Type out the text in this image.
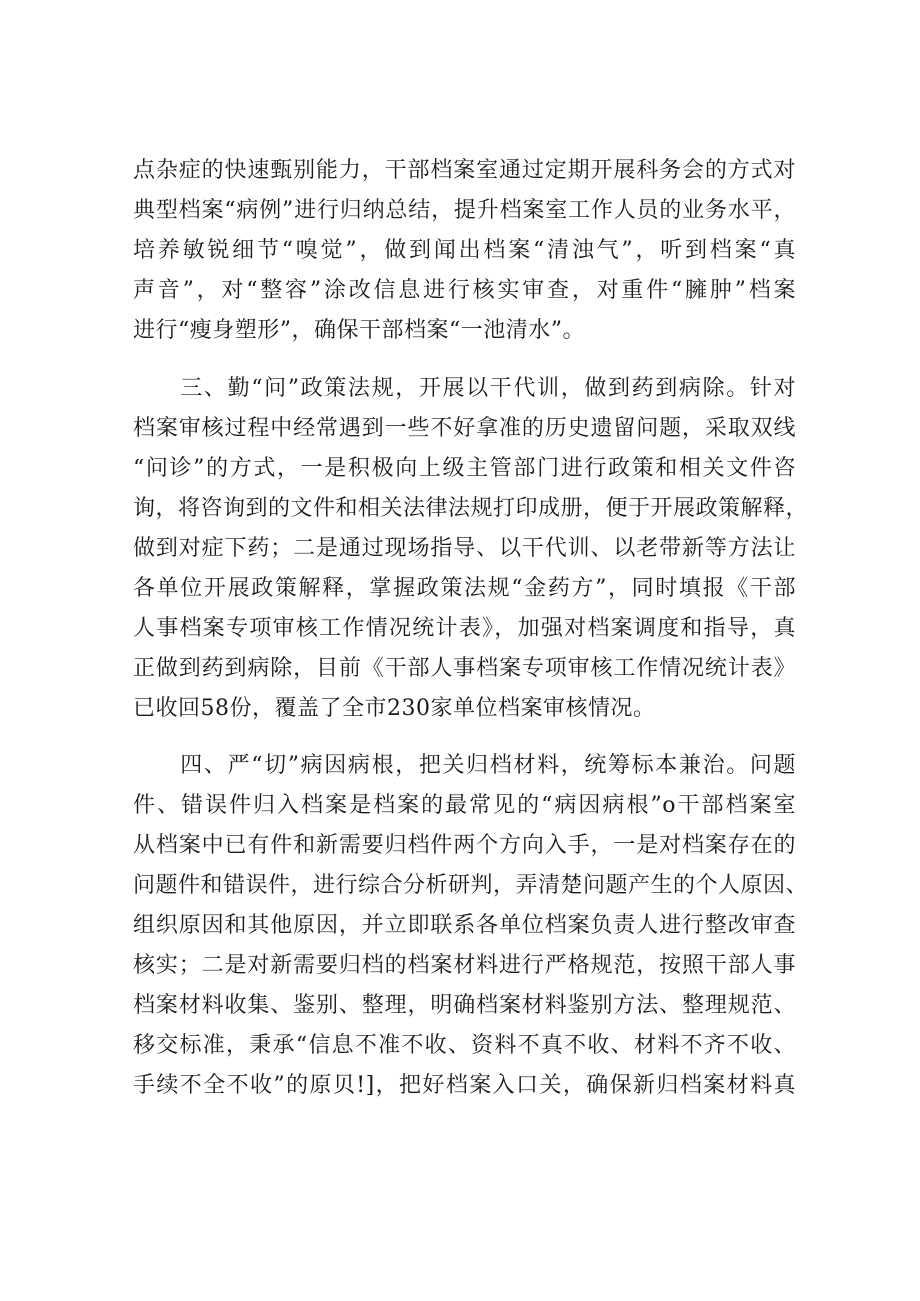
点杂症的快速甄别能力，干部档案室通过定期开展科务会的方式对
典型档案“病例”进行归纳总结，提升档案室工作人员的业务水平，
培养敏锐细节“嗅觉”，做到闻出档案“清浊气”，听到档案“真
声音”，对“整容”涂改信息进行核实审查，对重件“臃肿”档案
进行“瘦身塑形”，确保干部档案“一池清水”。
　　三、勤“问”政策法规，开展以干代训，做到药到病除。针对
档案审核过程中经常遇到一些不好拿准的历史遗留问题，采取双线
“问诊”的方式，一是积极向上级主管部门进行政策和相关文件咨
询，将咨询到的文件和相关法律法规打印成册，便于开展政策解释，
做到对症下药；二是通过现场指导、以干代训、以老带新等方法让
各单位开展政策解释，掌握政策法规“金药方”，同时填报《干部
人事档案专项审核工作情况统计表》，加强对档案调度和指导，真
正做到药到病除，目前《干部人事档案专项审核工作情况统计表》
已收回58份，覆盖了全市230家单位档案审核情况。
　　四、严“切”病因病根，把关归档材料，统筹标本兼治。问题
件、错误件归入档案是档案的最常见的“病因病根”o干部档案室
从档案中已有件和新需要归档件两个方向入手，一是对档案存在的
问题件和错误件，进行综合分析研判，弄清楚问题产生的个人原因、
组织原因和其他原因，并立即联系各单位档案负责人进行整改审查
核实；二是对新需要归档的档案材料进行严格规范，按照干部人事
档案材料收集、鉴别、整理，明确档案材料鉴别方法、整理规范、
移交标准，秉承“信息不准不收、资料不真不收、材料不齐不收、
手续不全不收”的原贝!]，把好档案入口关，确保新归档案材料真
